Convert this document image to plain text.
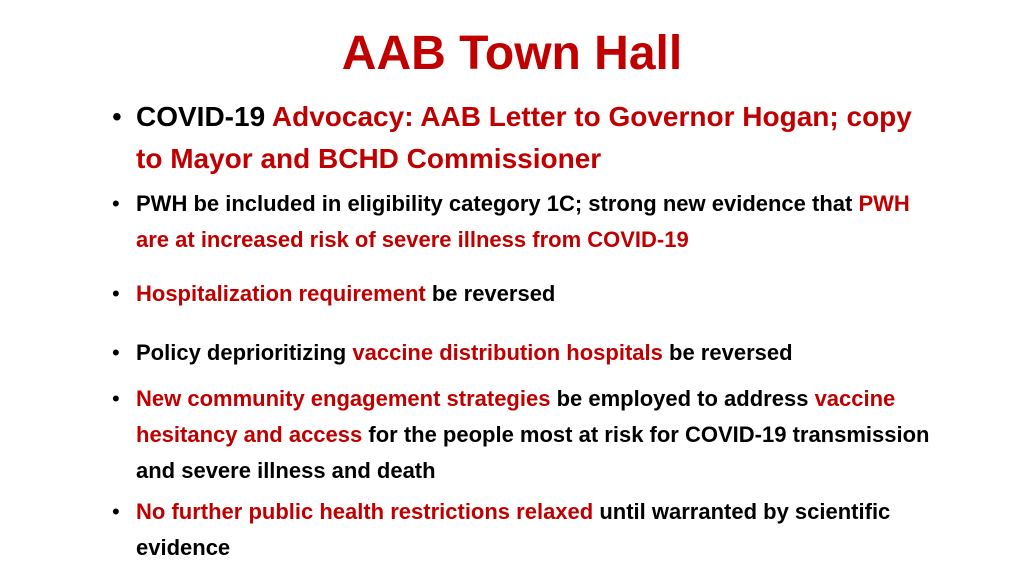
AAB Town Hall
• COVID-19 Advocacy: AAB Letter to Governor Hogan; copy to Mayor and BCHD Commissioner
• PWH be included in eligibility category 1C; strong new evidence that PWH are at increased risk of severe illness from COVID-19
• Hospitalization requirement be reversed
• Policy deprioritizing vaccine distribution hospitals be reversed
• New community engagement strategies be employed to address vaccine hesitancy and access for the people most at risk for COVID-19 transmission and severe illness and death
• No further public health restrictions relaxed until warranted by scientific evidence
